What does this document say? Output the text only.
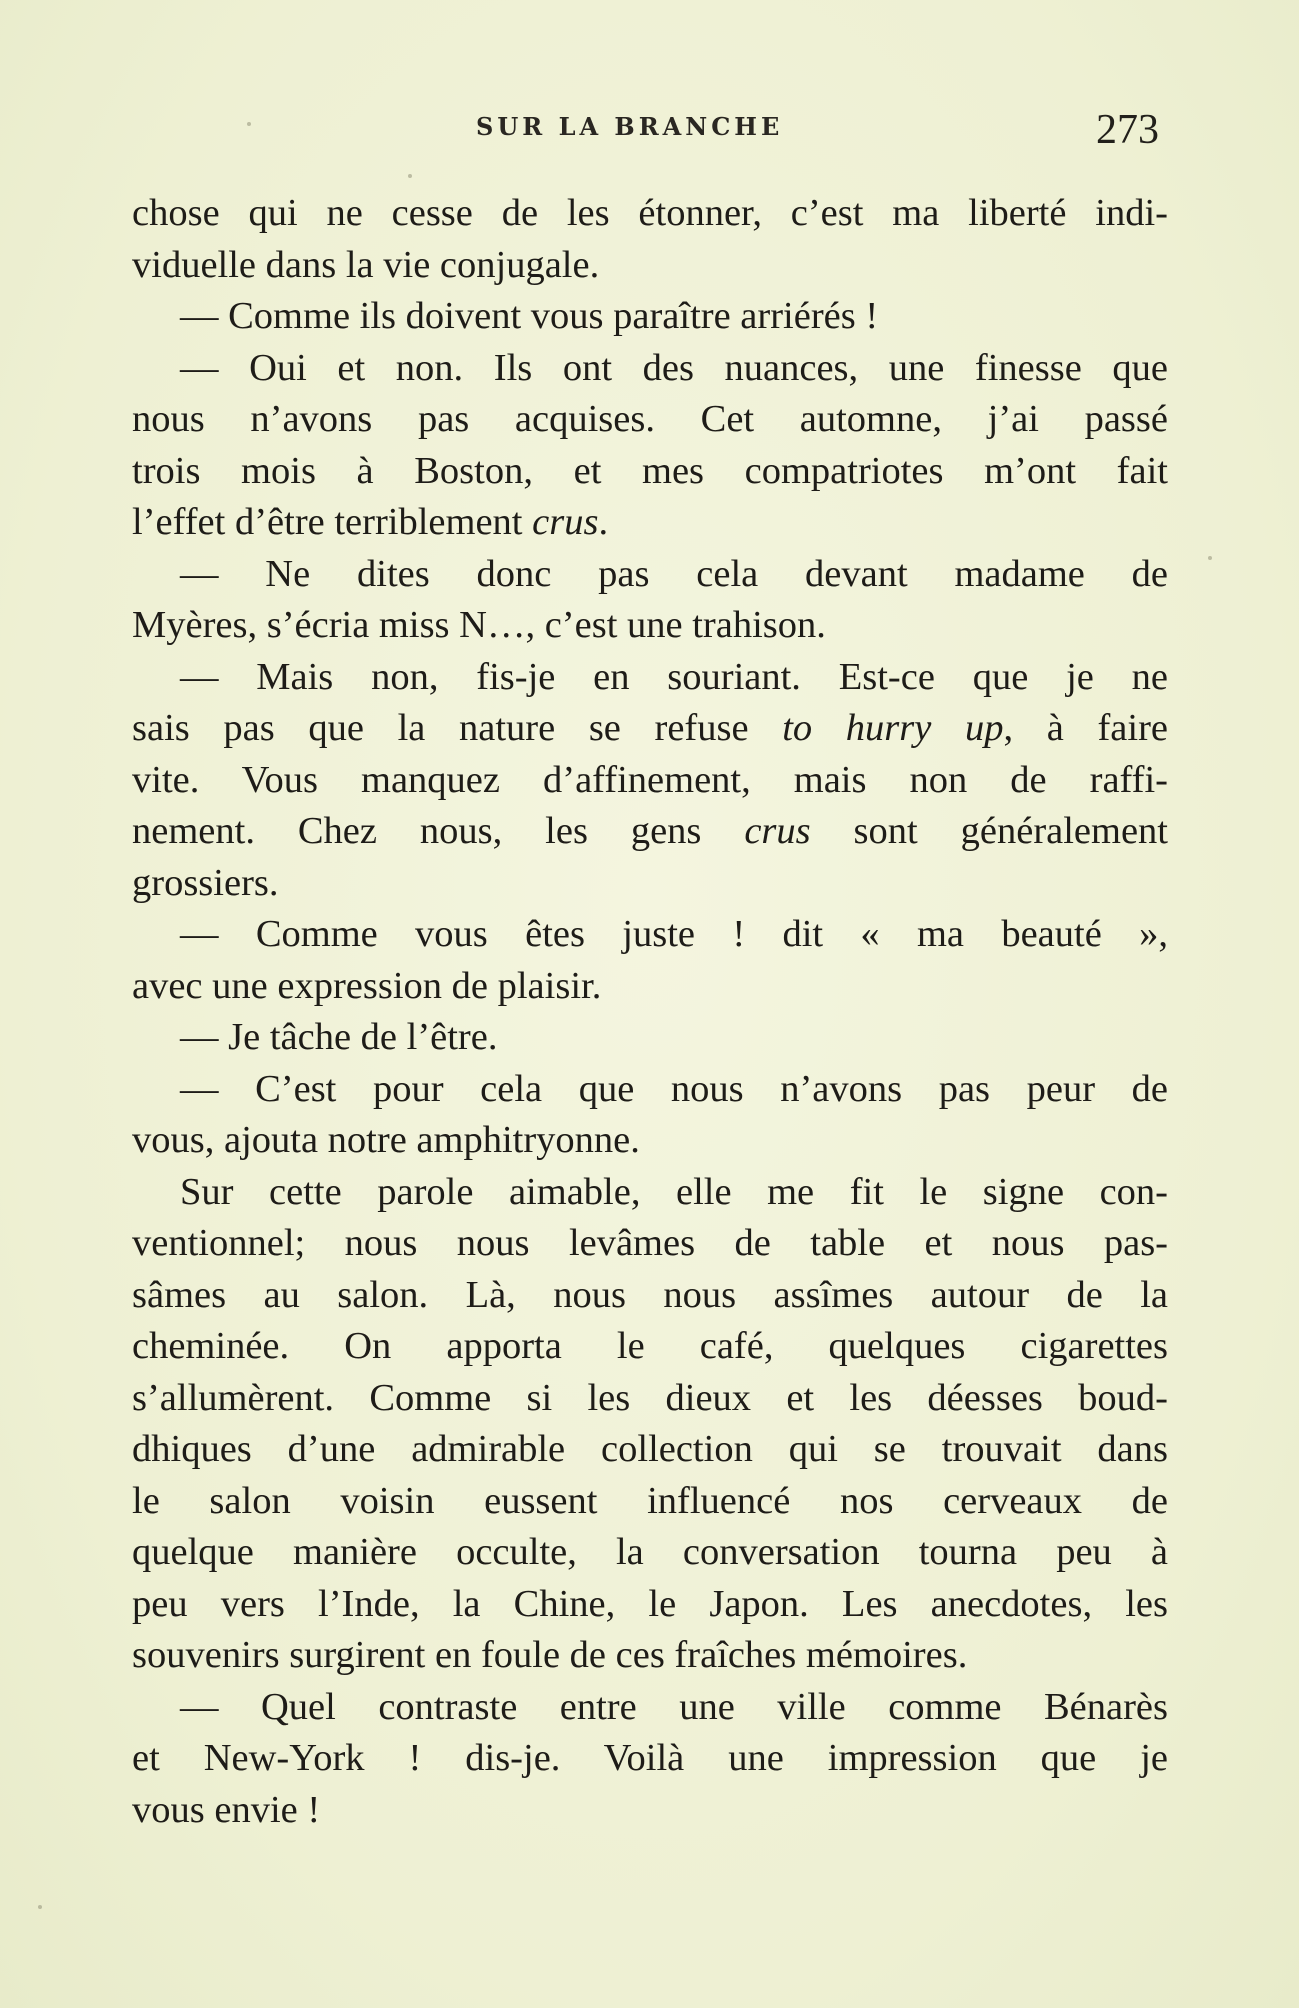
SUR LA BRANCHE	273
chose qui ne cesse de les étonner, c’est ma liberté indi-
viduelle dans la vie conjugale.
— Comme ils doivent vous paraître arriérés !
— Oui et non. Ils ont des nuances, une finesse que
nous n’avons pas acquises. Cet automne, j’ai passé
trois mois à Boston, et mes compatriotes m’ont fait
l’effet d’être terriblement crus.
— Ne dites donc pas cela devant madame de
Myères, s’écria miss N…, c’est une trahison.
— Mais non, fis-je en souriant. Est-ce que je ne
sais pas que la nature se refuse to hurry up, à faire
vite. Vous manquez d’affinement, mais non de raffi-
nement. Chez nous, les gens crus sont généralement
grossiers.
— Comme vous êtes juste ! dit « ma beauté »,
avec une expression de plaisir.
— Je tâche de l’être.
— C’est pour cela que nous n’avons pas peur de
vous, ajouta notre amphitryonne.
Sur cette parole aimable, elle me fit le signe con-
ventionnel; nous nous levâmes de table et nous pas-
sâmes au salon. Là, nous nous assîmes autour de la
cheminée. On apporta le café, quelques cigarettes
s’allumèrent. Comme si les dieux et les déesses boud-
dhiques d’une admirable collection qui se trouvait dans
le salon voisin eussent influencé nos cerveaux de
quelque manière occulte, la conversation tourna peu à
peu vers l’Inde, la Chine, le Japon. Les anecdotes, les
souvenirs surgirent en foule de ces fraîches mémoires.
— Quel contraste entre une ville comme Bénarès
et New-York ! dis-je. Voilà une impression que je
vous envie !
